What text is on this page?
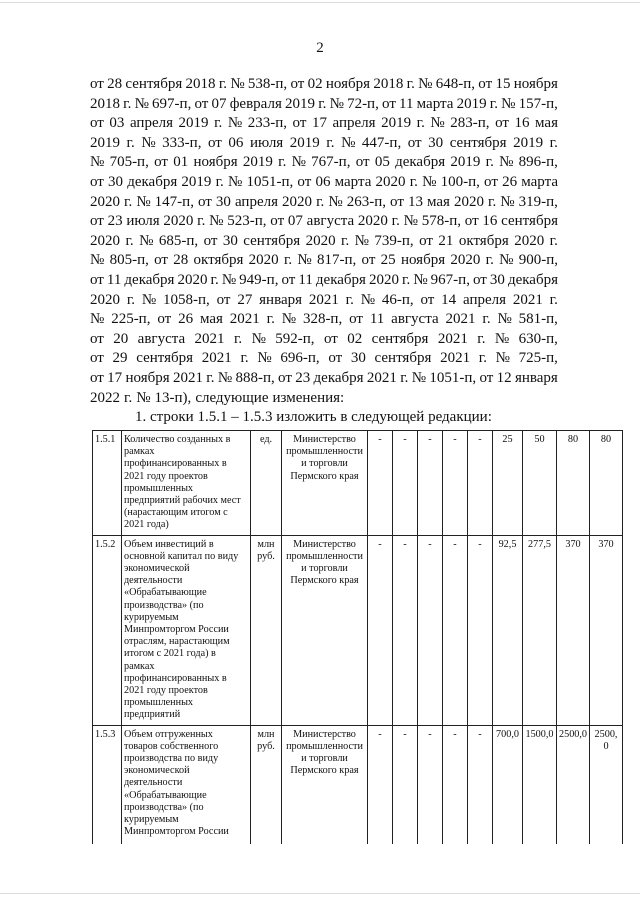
2
от 28 сентября 2018 г. № 538-п, от 02 ноября 2018 г. № 648-п, от 15 ноября
2018 г. № 697-п, от 07 февраля 2019 г. № 72-п, от 11 марта 2019 г. № 157-п,
от 03 апреля 2019 г. № 233-п, от 17 апреля 2019 г. № 283-п, от 16 мая
2019 г. № 333-п, от 06 июля 2019 г. № 447-п, от 30 сентября 2019 г.
№ 705-п, от 01 ноября 2019 г. № 767-п, от 05 декабря 2019 г. № 896-п,
от 30 декабря 2019 г. № 1051-п, от 06 марта 2020 г. № 100-п, от 26 марта
2020 г. № 147-п, от 30 апреля 2020 г. № 263-п, от 13 мая 2020 г. № 319-п,
от 23 июля 2020 г. № 523-п, от 07 августа 2020 г. № 578-п, от 16 сентября
2020 г. № 685-п, от 30 сентября 2020 г. № 739-п, от 21 октября 2020 г.
№ 805-п, от 28 октября 2020 г. № 817-п, от 25 ноября 2020 г. № 900-п,
от 11 декабря 2020 г. № 949-п, от 11 декабря 2020 г. № 967-п, от 30 декабря
2020 г. № 1058-п, от 27 января 2021 г. № 46-п, от 14 апреля 2021 г.
№ 225-п, от 26 мая 2021 г. № 328-п, от 11 августа 2021 г. № 581-п,
от 20 августа 2021 г. № 592-п, от 02 сентября 2021 г. № 630-п,
от 29 сентября 2021 г. № 696-п, от 30 сентября 2021 г. № 725-п,
от 17 ноября 2021 г. № 888-п, от 23 декабря 2021 г. № 1051-п, от 12 января
2022 г. № 13-п), следующие изменения:
1. строки 1.5.1 – 1.5.3 изложить в следующей редакции:
1.5.1	Количество созданных в рамках профинансированных в 2021 году проектов промышленных предприятий рабочих мест (нарастающим итогом с 2021 года)	ед.	Министерство промышленности и торговли Пермского края	-	-	-	-	-	25	50	80	80
1.5.2	Объем инвестиций в основной капитал по виду экономической деятельности «Обрабатывающие производства» (по курируемым Минпромторгом России отраслям, нарастающим итогом с 2021 года) в рамках профинансированных в 2021 году проектов промышленных предприятий	млн руб.	Министерство промышленности и торговли Пермского края	-	-	-	-	-	92,5	277,5	370	370
1.5.3	Объем отгруженных товаров собственного производства по виду экономической деятельности «Обрабатывающие производства» (по курируемым Минпромторгом России	млн руб.	Министерство промышленности и торговли Пермского края	-	-	-	-	-	700,0	1500,0	2500,0	2500, 0
